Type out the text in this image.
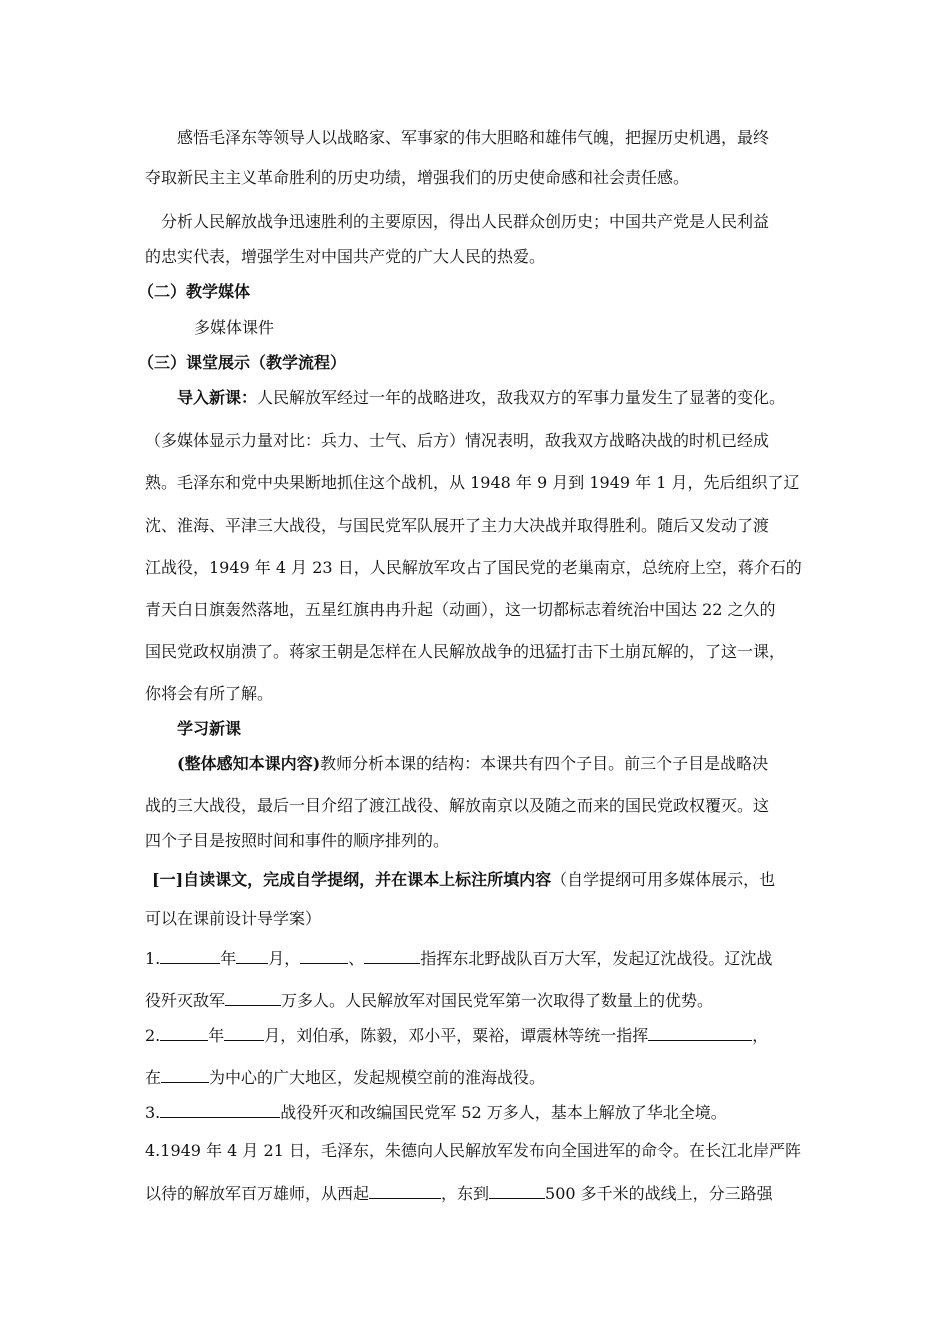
感悟毛泽东等领导人以战略家、军事家的伟大胆略和雄伟气魄，把握历史机遇，最终
夺取新民主主义革命胜利的历史功绩，增强我们的历史使命感和社会责任感。
分析人民解放战争迅速胜利的主要原因，得出人民群众创历史；中国共产党是人民利益
的忠实代表，增强学生对中国共产党的广大人民的热爱。
（二）教学媒体
多媒体课件
（三）课堂展示（教学流程）
导入新课：人民解放军经过一年的战略进攻，敌我双方的军事力量发生了显著的变化。
（多媒体显示力量对比：兵力、士气、后方）情况表明，敌我双方战略决战的时机已经成
熟。毛泽东和党中央果断地抓住这个战机，从 1948 年 9 月到 1949 年 1 月，先后组织了辽
沈、淮海、平津三大战役，与国民党军队展开了主力大决战并取得胜利。随后又发动了渡
江战役，1949 年 4 月 23 日，人民解放军攻占了国民党的老巢南京，总统府上空，蒋介石的
青天白日旗轰然落地，五星红旗冉冉升起（动画），这一切都标志着统治中国达 22 之久的
国民党政权崩溃了。蒋家王朝是怎样在人民解放战争的迅猛打击下土崩瓦解的，了这一课，
你将会有所了解。
学习新课
(整体感知本课内容)教师分析本课的结构：本课共有四个子目。前三个子目是战略决
战的三大战役，最后一目介绍了渡江战役、解放南京以及随之而来的国民党政权覆灭。这
四个子目是按照时间和事件的顺序排列的。
[一]自读课文，完成自学提纲，并在课本上标注所填内容（自学提纲可用多媒体展示，也
可以在课前设计导学案）
1.	年 月，	、	指挥东北野战队百万大军，发起辽沈战役。辽沈战
役歼灭敌军	万多人。人民解放军对国民党军第一次取得了数量上的优势。
2.	年	月，刘伯承，陈毅，邓小平，粟裕，谭震林等统一指挥	，
在	为中心的广大地区，发起规模空前的淮海战役。
3.	战役歼灭和改编国民党军 52 万多人，基本上解放了华北全境。
4.1949 年 4 月 21 日，毛泽东，朱德向人民解放军发布向全国进军的命令。在长江北岸严阵
以待的解放军百万雄师，从西起	，东到	500 多千米的战线上，分三路强
